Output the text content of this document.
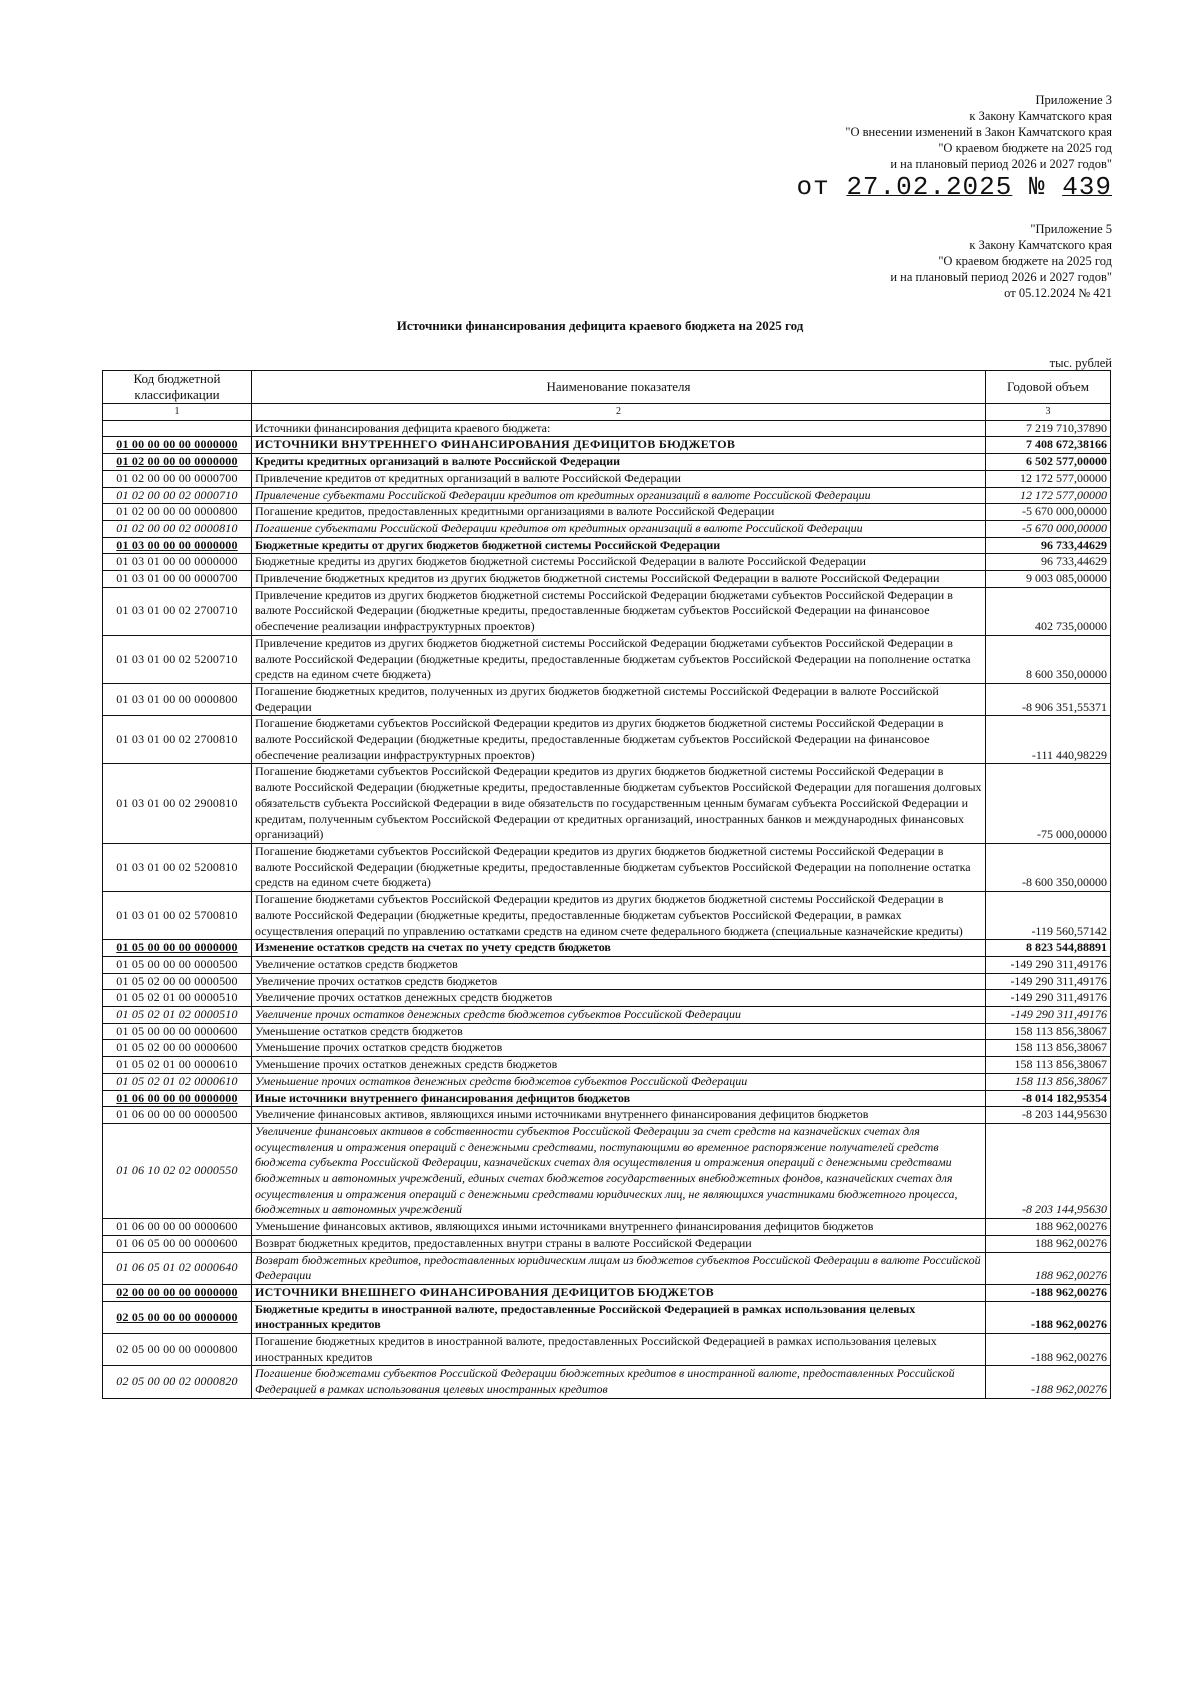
Приложение 3
к Закону Камчатского края
"О внесении изменений в Закон Камчатского края
"О краевом бюджете на 2025 год
и на плановый период 2026 и 2027 годов"
от 27.02.2025 № 439
"Приложение 5
к Закону Камчатского края
"О краевом бюджете на 2025 год
и на плановый период 2026 и 2027 годов"
от 05.12.2024 № 421
Источники финансирования дефицита краевого бюджета на 2025 год
тыс. рублей
Код бюджетной классификации	Наименование показателя	Годовой объем
1	2	3
	Источники финансирования дефицита краевого бюджета:	7 219 710,37890
01 00 00 00 00 0000000	ИСТОЧНИКИ ВНУТРЕННЕГО ФИНАНСИРОВАНИЯ ДЕФИЦИТОВ БЮДЖЕТОВ	7 408 672,38166
01 02 00 00 00 0000000	Кредиты кредитных организаций в валюте Российской Федерации	6 502 577,00000
01 02 00 00 00 0000700	Привлечение кредитов от кредитных организаций в валюте Российской Федерации	12 172 577,00000
01 02 00 00 02 0000710	Привлечение субъектами Российской Федерации кредитов от кредитных организаций в валюте Российской Федерации	12 172 577,00000
01 02 00 00 00 0000800	Погашение кредитов, предоставленных кредитными организациями в валюте Российской Федерации	-5 670 000,00000
01 02 00 00 02 0000810	Погашение субъектами Российской Федерации кредитов от кредитных организаций в валюте Российской Федерации	-5 670 000,00000
01 03 00 00 00 0000000	Бюджетные кредиты от других бюджетов бюджетной системы Российской Федерации	96 733,44629
01 03 01 00 00 0000000	Бюджетные кредиты из других бюджетов бюджетной системы Российской Федерации в валюте Российской Федерации	96 733,44629
01 03 01 00 00 0000700	Привлечение бюджетных кредитов из других бюджетов бюджетной системы Российской Федерации в валюте Российской Федерации	9 003 085,00000
01 03 01 00 02 2700710	Привлечение кредитов из других бюджетов бюджетной системы Российской Федерации бюджетами субъектов Российской Федерации в валюте Российской Федерации (бюджетные кредиты, предоставленные бюджетам субъектов Российской Федерации на финансовое обеспечение реализации инфраструктурных проектов)	402 735,00000
01 03 01 00 02 5200710	Привлечение кредитов из других бюджетов бюджетной системы Российской Федерации бюджетами субъектов Российской Федерации в валюте Российской Федерации (бюджетные кредиты, предоставленные бюджетам субъектов Российской Федерации на пополнение остатка средств на едином счете бюджета)	8 600 350,00000
01 03 01 00 00 0000800	Погашение бюджетных кредитов, полученных из других бюджетов бюджетной системы Российской Федерации в валюте Российской Федерации	-8 906 351,55371
01 03 01 00 02 2700810	Погашение бюджетами субъектов Российской Федерации кредитов из других бюджетов бюджетной системы Российской Федерации в валюте Российской Федерации (бюджетные кредиты, предоставленные бюджетам субъектов Российской Федерации на финансовое обеспечение реализации инфраструктурных проектов)	-111 440,98229
01 03 01 00 02 2900810	Погашение бюджетами субъектов Российской Федерации кредитов из других бюджетов бюджетной системы Российской Федерации в валюте Российской Федерации (бюджетные кредиты, предоставленные бюджетам субъектов Российской Федерации для погашения долговых обязательств субъекта Российской Федерации в виде обязательств по государственным ценным бумагам субъекта Российской Федерации и кредитам, полученным субъектом Российской Федерации от кредитных организаций, иностранных банков и международных финансовых организаций)	-75 000,00000
01 03 01 00 02 5200810	Погашение бюджетами субъектов Российской Федерации кредитов из других бюджетов бюджетной системы Российской Федерации в валюте Российской Федерации (бюджетные кредиты, предоставленные бюджетам субъектов Российской Федерации на пополнение остатка средств на едином счете бюджета)	-8 600 350,00000
01 03 01 00 02 5700810	Погашение бюджетами субъектов Российской Федерации кредитов из других бюджетов бюджетной системы Российской Федерации в валюте Российской Федерации (бюджетные кредиты, предоставленные бюджетам субъектов Российской Федерации, в рамках осуществления операций по управлению остатками средств на едином счете федерального бюджета (специальные казначейские кредиты)	-119 560,57142
01 05 00 00 00 0000000	Изменение остатков средств на счетах по учету средств бюджетов	8 823 544,88891
01 05 00 00 00 0000500	Увеличение остатков средств бюджетов	-149 290 311,49176
01 05 02 00 00 0000500	Увеличение прочих остатков средств бюджетов	-149 290 311,49176
01 05 02 01 00 0000510	Увеличение прочих остатков денежных средств бюджетов	-149 290 311,49176
01 05 02 01 02 0000510	Увеличение прочих остатков денежных средств бюджетов субъектов Российской Федерации	-149 290 311,49176
01 05 00 00 00 0000600	Уменьшение остатков средств бюджетов	158 113 856,38067
01 05 02 00 00 0000600	Уменьшение прочих остатков средств бюджетов	158 113 856,38067
01 05 02 01 00 0000610	Уменьшение прочих остатков денежных средств бюджетов	158 113 856,38067
01 05 02 01 02 0000610	Уменьшение прочих остатков денежных средств бюджетов субъектов Российской Федерации	158 113 856,38067
01 06 00 00 00 0000000	Иные источники внутреннего финансирования дефицитов бюджетов	-8 014 182,95354
01 06 00 00 00 0000500	Увеличение финансовых активов, являющихся иными источниками внутреннего финансирования дефицитов бюджетов	-8 203 144,95630
01 06 10 02 02 0000550	Увеличение финансовых активов в собственности субъектов Российской Федерации за счет средств на казначейских счетах для осуществления и отражения операций с денежными средствами, поступающими во временное распоряжение получателей средств бюджета субъекта Российской Федерации, казначейских счетах для осуществления и отражения операций с денежными средствами бюджетных и автономных учреждений, единых счетах бюджетов государственных внебюджетных фондов, казначейских счетах для осуществления и отражения операций с денежными средствами юридических лиц, не являющихся участниками бюджетного процесса, бюджетных и автономных учреждений	-8 203 144,95630
01 06 00 00 00 0000600	Уменьшение финансовых активов, являющихся иными источниками внутреннего финансирования дефицитов бюджетов	188 962,00276
01 06 05 00 00 0000600	Возврат бюджетных кредитов, предоставленных внутри страны в валюте Российской Федерации	188 962,00276
01 06 05 01 02 0000640	Возврат бюджетных кредитов, предоставленных юридическим лицам из бюджетов субъектов Российской Федерации в валюте Российской Федерации	188 962,00276
02 00 00 00 00 0000000	ИСТОЧНИКИ ВНЕШНЕГО ФИНАНСИРОВАНИЯ ДЕФИЦИТОВ БЮДЖЕТОВ	-188 962,00276
02 05 00 00 00 0000000	Бюджетные кредиты в иностранной валюте, предоставленные Российской Федерацией в рамках использования целевых иностранных кредитов	-188 962,00276
02 05 00 00 00 0000800	Погашение бюджетных кредитов в иностранной валюте, предоставленных Российской Федерацией в рамках использования целевых иностранных кредитов	-188 962,00276
02 05 00 00 02 0000820	Погашение бюджетами субъектов Российской Федерации бюджетных кредитов в иностранной валюте, предоставленных Российской Федерацией в рамках использования целевых иностранных кредитов	-188 962,00276
